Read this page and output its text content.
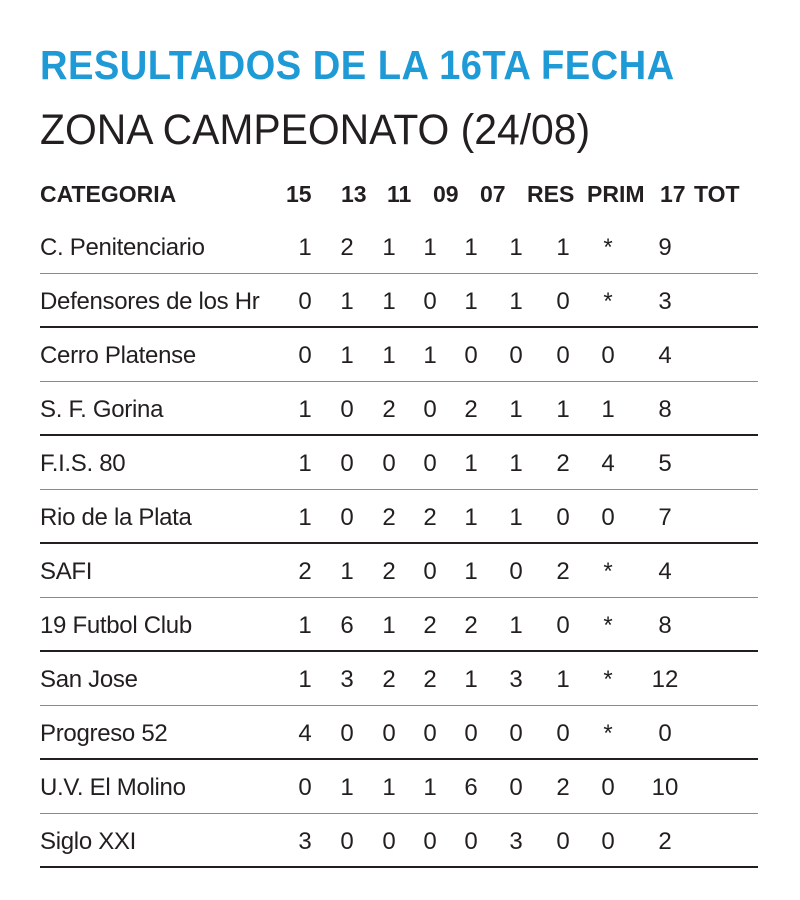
RESULTADOS DE LA 16TA FECHA
ZONA CAMPEONATO (24/08)
CATEGORIA	15 13 11 09 07 RES PRIM 17 TOT
C. Penitenciario	1	2	1	1	1	1	1	*	9
Defensores de los Hr	0	1	1	0	1	1	0	*	3
Cerro Platense	0	1	1	1	0	0	0	0	4
S. F. Gorina	1	0	2	0	2	1	1	1	8
F.I.S. 80	1	0	0	0	1	1	2	4	5
Rio de la Plata	1	0	2	2	1	1	0	0	7
SAFI	2	1	2	0	1	0	2	*	4
19 Futbol Club	1	6	1	2	2	1	0	*	8
San Jose	1	3	2	2	1	3	1	*	12
Progreso 52	4	0	0	0	0	0	0	*	0
U.V. El Molino	0	1	1	1	6	0	2	0	10
Siglo XXI	3	0	0	0	0	3	0	0	2
